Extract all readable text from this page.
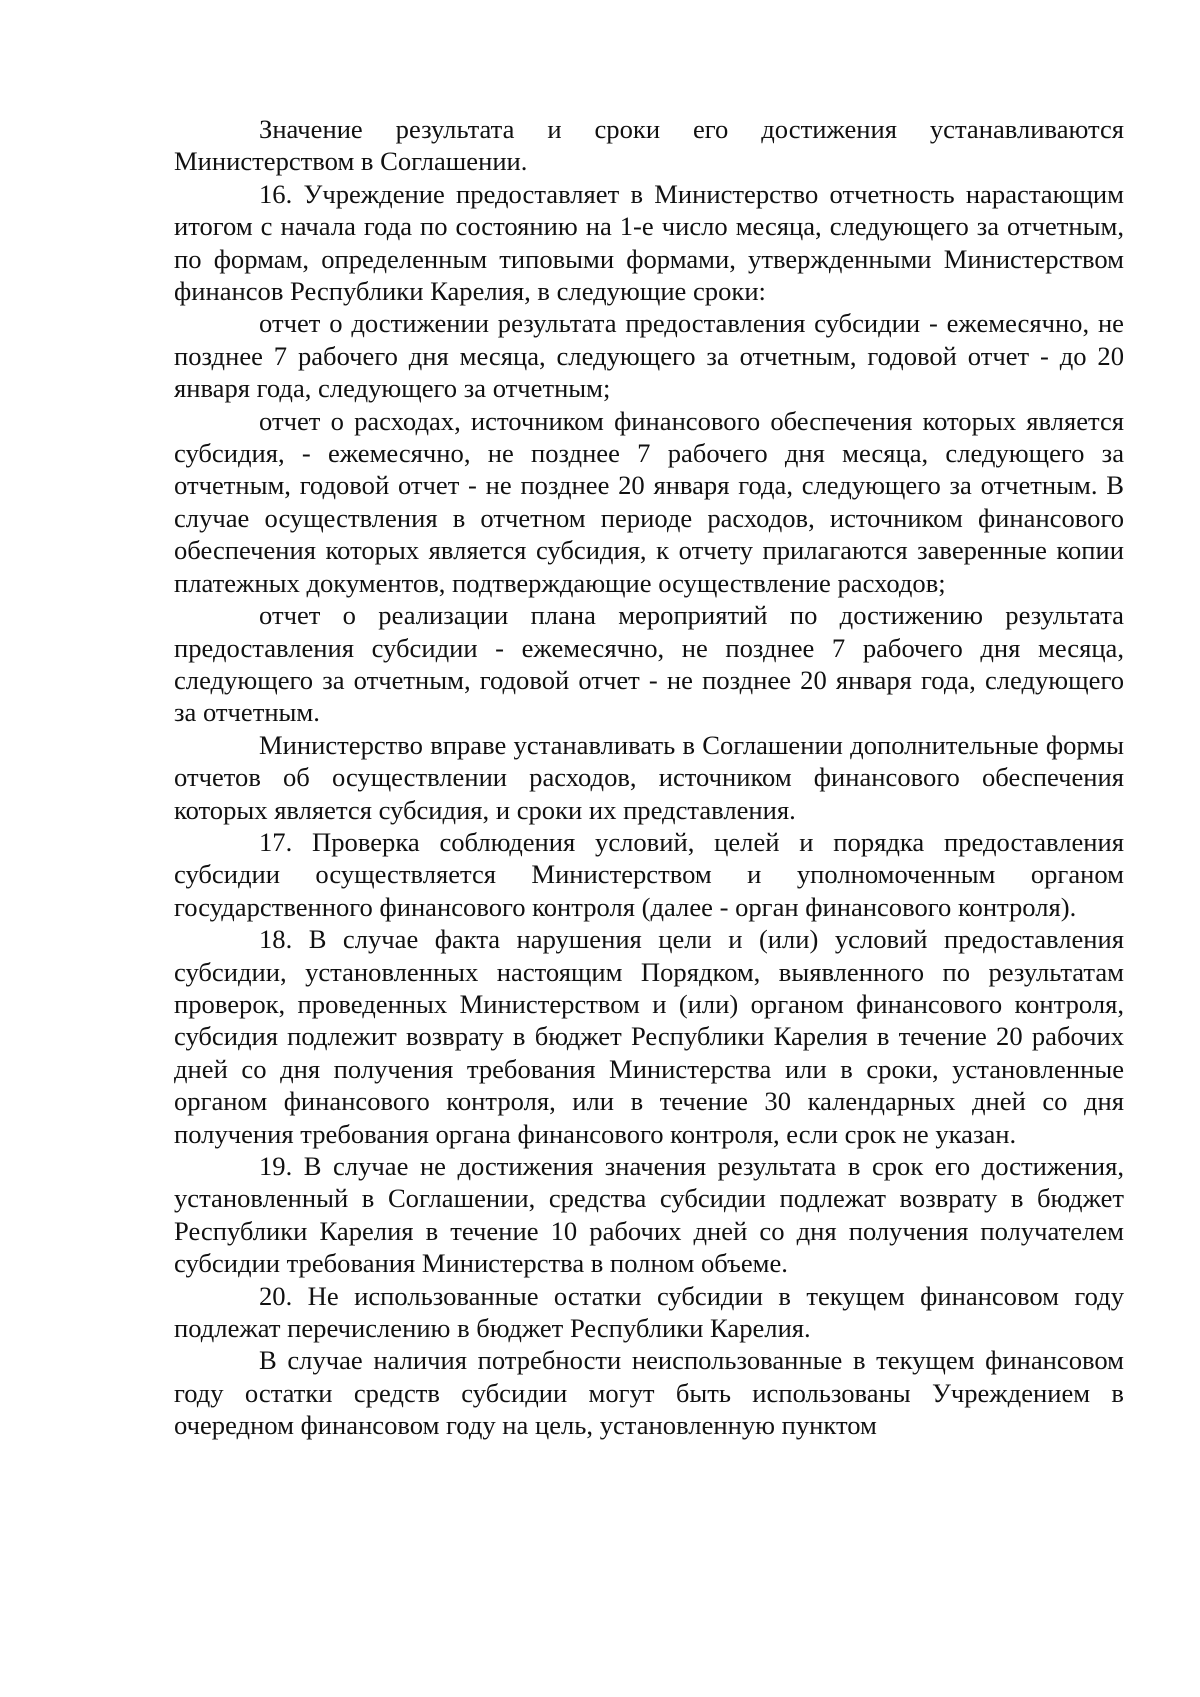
Значение результата и сроки его достижения устанавливаются Министерством в Соглашении.

16. Учреждение предоставляет в Министерство отчетность нарастающим итогом с начала года по состоянию на 1-е число месяца, следующего за отчетным, по формам, определенным типовыми формами, утвержденными Министерством финансов Республики Карелия, в следующие сроки:

отчет о достижении результата предоставления субсидии - ежемесячно, не позднее 7 рабочего дня месяца, следующего за отчетным, годовой отчет - до 20 января года, следующего за отчетным;

отчет о расходах, источником финансового обеспечения которых является субсидия, - ежемесячно, не позднее 7 рабочего дня месяца, следующего за отчетным, годовой отчет - не позднее 20 января года, следующего за отчетным. В случае осуществления в отчетном периоде расходов, источником финансового обеспечения которых является субсидия, к отчету прилагаются заверенные копии платежных документов, подтверждающие осуществление расходов;

отчет о реализации плана мероприятий по достижению результата предоставления субсидии - ежемесячно, не позднее 7 рабочего дня месяца, следующего за отчетным, годовой отчет - не позднее 20 января года, следующего за отчетным.

Министерство вправе устанавливать в Соглашении дополнительные формы отчетов об осуществлении расходов, источником финансового обеспечения которых является субсидия, и сроки их представления.

17. Проверка соблюдения условий, целей и порядка предоставления субсидии осуществляется Министерством и уполномоченным органом государственного финансового контроля (далее - орган финансового контроля).

18. В случае факта нарушения цели и (или) условий предоставления субсидии, установленных настоящим Порядком, выявленного по результатам проверок, проведенных Министерством и (или) органом финансового контроля, субсидия подлежит возврату в бюджет Республики Карелия в течение 20 рабочих дней со дня получения требования Министерства или в сроки, установленные органом финансового контроля, или в течение 30 календарных дней со дня получения требования органа финансового контроля, если срок не указан.

19. В случае не достижения значения результата в срок его достижения, установленный в Соглашении, средства субсидии подлежат возврату в бюджет Республики Карелия в течение 10 рабочих дней со дня получения получателем субсидии требования Министерства в полном объеме.

20. Не использованные остатки субсидии в текущем финансовом году подлежат перечислению в бюджет Республики Карелия.

В случае наличия потребности неиспользованные в текущем финансовом году остатки средств субсидии могут быть использованы Учреждением в очередном финансовом году на цель, установленную пунктом
